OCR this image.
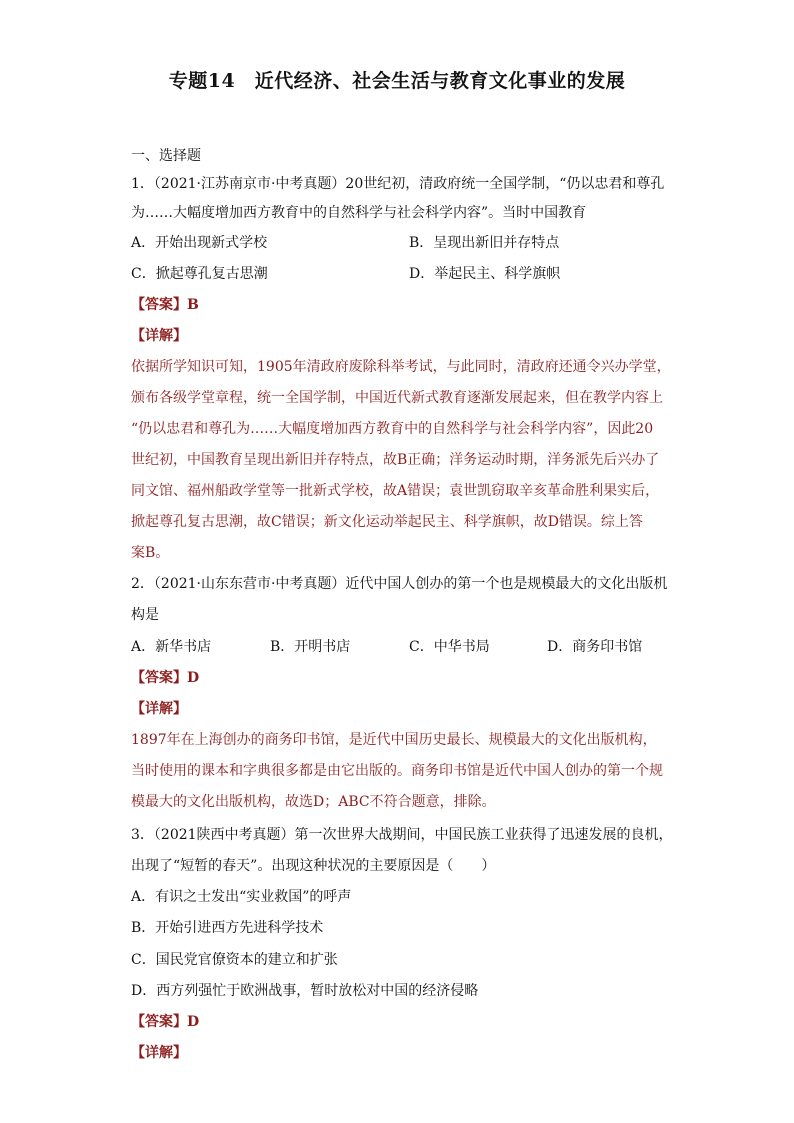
专题14　近代经济、社会生活与教育文化事业的发展
一、选择题
1．（2021·江苏南京市·中考真题）20世纪初，清政府统一全国学制，“仍以忠君和尊孔
为……大幅度增加西方教育中的自然科学与社会科学内容”。当时中国教育
A．开始出现新式学校	B．呈现出新旧并存特点
C．掀起尊孔复古思潮	D．举起民主、科学旗帜
【答案】B
【详解】
依据所学知识可知，1905年清政府废除科举考试，与此同时，清政府还通令兴办学堂，
颁布各级学堂章程，统一全国学制，中国近代新式教育逐渐发展起来，但在教学内容上
“仍以忠君和尊孔为……大幅度增加西方教育中的自然科学与社会科学内容”，因此20
世纪初，中国教育呈现出新旧并存特点，故B正确；洋务运动时期，洋务派先后兴办了
同文馆、福州船政学堂等一批新式学校，故A错误；袁世凯窃取辛亥革命胜利果实后，
掀起尊孔复古思潮，故C错误；新文化运动举起民主、科学旗帜，故D错误。综上答
案B。
2．（2021·山东东营市·中考真题）近代中国人创办的第一个也是规模最大的文化出版机
构是
A．新华书店	B．开明书店	C．中华书局	D．商务印书馆
【答案】D
【详解】
1897年在上海创办的商务印书馆，是近代中国历史最长、规模最大的文化出版机构，
当时使用的课本和字典很多都是由它出版的。商务印书馆是近代中国人创办的第一个规
模最大的文化出版机构，故选D；ABC不符合题意，排除。
3．（2021陕西中考真题）第一次世界大战期间，中国民族工业获得了迅速发展的良机，
出现了“短暂的春天”。出现这种状况的主要原因是（　　）
A．有识之士发出“实业救国”的呼声
B．开始引进西方先进科学技术
C．国民党官僚资本的建立和扩张
D．西方列强忙于欧洲战事，暂时放松对中国的经济侵略
【答案】D
【详解】
